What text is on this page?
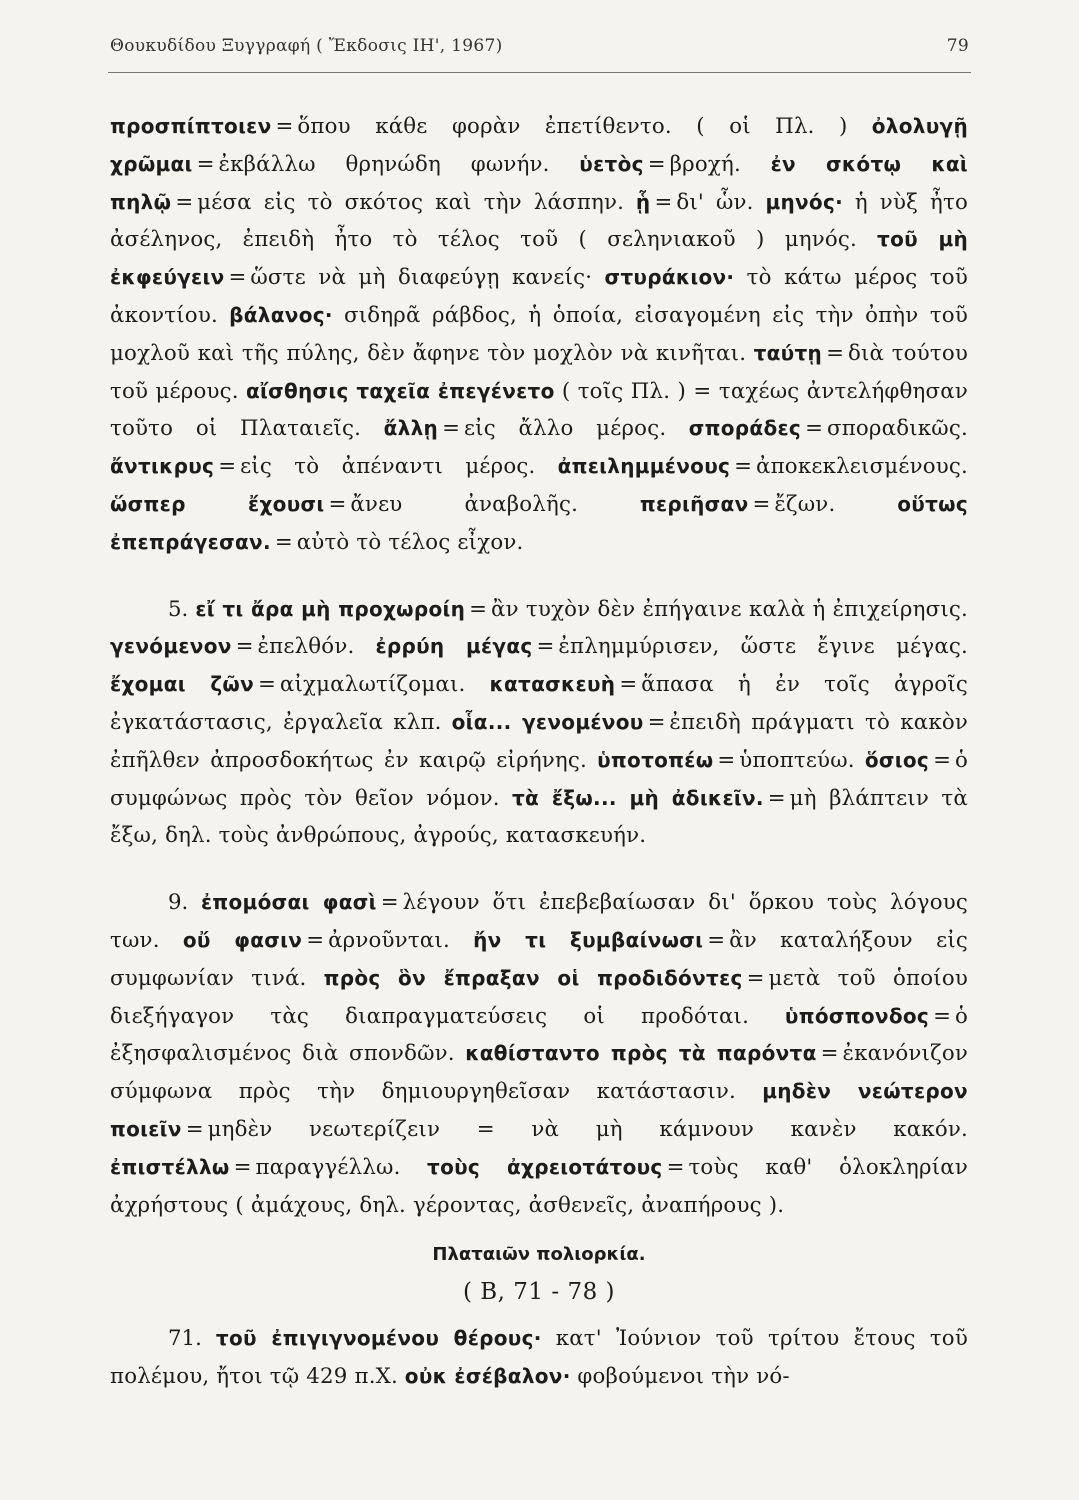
Θουκυδίδου Ξυγγραφή ( Ἔκδοσις ΙΗ', 1967)	79

προσπίπτοιεν = ὅπου κάθε φορὰν ἐπετίθεντο. ( οἱ Πλ. ) ὀλολυγῇ χρῶμαι = ἐκβάλλω θρηνώδη φωνήν. ὑετὸς = βροχή. ἐν σκότῳ καὶ πηλῷ = μέσα εἰς τὸ σκότος καὶ τὴν λάσπην. ᾗ = δι' ὧν. μηνός· ἡ νὺξ ἦτο ἀσέληνος, ἐπειδὴ ἦτο τὸ τέλος τοῦ ( σεληνιακοῦ ) μηνός. τοῦ μὴ ἐκφεύγειν = ὥστε νὰ μὴ διαφεύγῃ κανείς· στυράκιον· τὸ κάτω μέρος τοῦ ἀκοντίου. βάλανος· σιδηρᾶ ράβδος, ἡ ὁποία, εἰσαγομένη εἰς τὴν ὀπὴν τοῦ μοχλοῦ καὶ τῆς πύλης, δὲν ἄφηνε τὸν μοχλὸν νὰ κινῆται. ταύτῃ = διὰ τούτου τοῦ μέρους. αἴσθησις ταχεῖα ἐπεγένετο ( τοῖς Πλ. ) = ταχέως ἀντελήφθησαν τοῦτο οἱ Πλαταιεῖς. ἄλλῃ = εἰς ἄλλο μέρος. σποράδες = σποραδικῶς. ἄντικρυς = εἰς τὸ ἀπέναντι μέρος. ἀπειλημμένους = ἀποκεκλεισμένους. ὥσπερ ἔχουσι = ἄνευ ἀναβολῆς.	περιῆσαν = ἔζων.	οὕτως ἐπεπράγεσαν. = αὐτὸ τὸ τέλος εἶχον.

5. εἴ τι ἄρα μὴ προχωροίη = ἂν τυχὸν δὲν ἐπήγαινε καλὰ ἡ ἐπιχείρησις. γενόμενον = ἐπελθόν. ἐρρύη μέγας = ἐπλημμύρισεν, ὥστε ἔγινε μέγας. ἔχομαι ζῶν = αἰχμαλωτίζομαι. κατασκευὴ = ἅπασα ἡ ἐν τοῖς ἀγροῖς ἐγκατάστασις, ἐργαλεῖα κλπ. οἷα... γενομένου = ἐπειδὴ πράγματι τὸ κακὸν ἐπῆλθεν ἀπροσδοκήτως ἐν καιρῷ εἰρήνης. ὑποτοπέω = ὑποπτεύω. ὅσιος = ὁ συμφώνως πρὸς τὸν θεῖον νόμον. τὰ ἔξω... μὴ ἀδικεῖν. = μὴ βλάπτειν τὰ ἔξω, δηλ. τοὺς ἀνθρώπους, ἀγρούς, κατασκευήν.

9. ἐπομόσαι φασὶ = λέγουν ὅτι ἐπεβεβαίωσαν δι' ὅρκου τοὺς λόγους των. οὔ φασιν = ἀρνοῦνται. ἤν τι ξυμβαίνωσι = ἂν καταλήξουν εἰς συμφωνίαν τινά. πρὸς ὃν ἔπραξαν οἱ προδιδόντες = μετὰ τοῦ ὁποίου διεξήγαγον τὰς διαπραγματεύσεις οἱ προδόται. ὑπόσπονδος = ὁ ἐξησφαλισμένος διὰ σπονδῶν. καθίσταντο πρὸς τὰ παρόντα = ἐκανόνιζον σύμφωνα πρὸς τὴν δημιουργηθεῖσαν κατάστασιν. μηδὲν νεώτερον ποιεῖν = μηδὲν νεωτερίζειν = νὰ μὴ κάμνουν κανὲν κακόν. ἐπιστέλλω = παραγγέλλω. τοὺς ἀχρειοτάτους = τοὺς καθ' ὁλοκληρίαν ἀχρήστους ( ἀμάχους, δηλ. γέροντας, ἀσθενεῖς, ἀναπήρους ).

Πλαταιῶν πολιορκία.
( Β, 71 - 78 )

71. τοῦ ἐπιγιγνομένου θέρους· κατ' Ἰούνιον τοῦ τρίτου ἔτους τοῦ πολέμου, ἤτοι τῷ 429 π.Χ. οὐκ ἐσέβαλον· φοβούμενοι τὴν νό-
